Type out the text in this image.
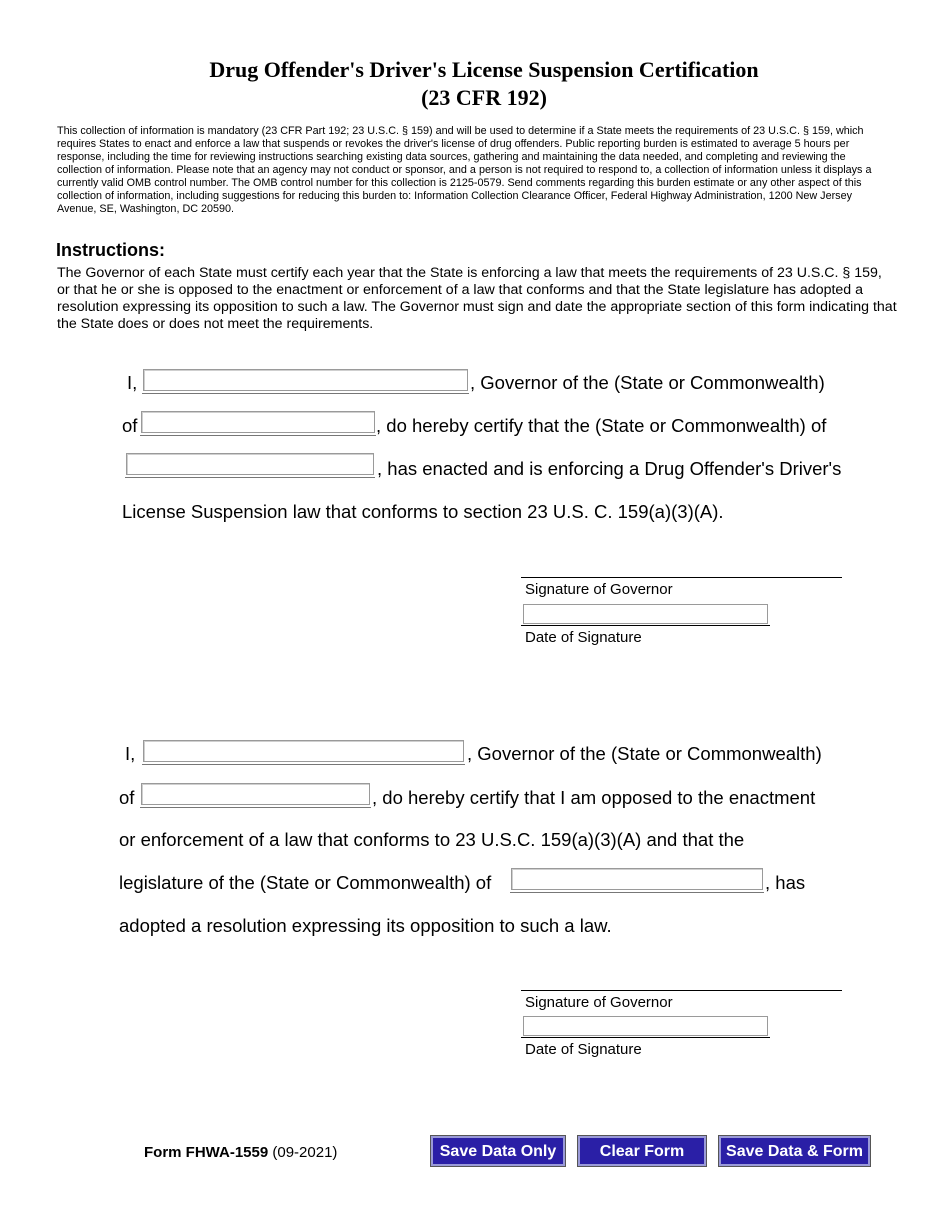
Drug Offender's Driver's License Suspension Certification
(23 CFR 192)
This collection of information is mandatory (23 CFR Part 192; 23 U.S.C. § 159) and will be used to determine if a State meets the requirements of 23 U.S.C. § 159, which requires States to enact and enforce a law that suspends or revokes the driver's license of drug offenders. Public reporting burden is estimated to average 5 hours per response, including the time for reviewing instructions searching existing data sources, gathering and maintaining the data needed, and completing and reviewing the collection of information. Please note that an agency may not conduct or sponsor, and a person is not required to respond to, a collection of information unless it displays a currently valid OMB control number. The OMB control number for this collection is 2125-0579. Send comments regarding this burden estimate or any other aspect of this collection of information, including suggestions for reducing this burden to: Information Collection Clearance Officer, Federal Highway Administration, 1200 New Jersey Avenue, SE, Washington, DC 20590.
Instructions:
The Governor of each State must certify each year that the State is enforcing a law that meets the requirements of 23 U.S.C. § 159, or that he or she is opposed to the enactment or enforcement of a law that conforms and that the State legislature has adopted a resolution expressing its opposition to such a law. The Governor must sign and date the appropriate section of this form indicating that the State does or does not meet the requirements.
I,	, Governor of the (State or Commonwealth)
of	, do hereby certify that the (State or Commonwealth) of
, has enacted and is enforcing a Drug Offender's Driver's
License Suspension law that conforms to section 23 U.S. C. 159(a)(3)(A).
Signature of Governor
Date of Signature
I,	, Governor of the (State or Commonwealth)
of	, do hereby certify that I am opposed to the enactment
or enforcement of a law that conforms to 23 U.S.C. 159(a)(3)(A) and that the
legislature of the (State or Commonwealth) of	, has
adopted a resolution expressing its opposition to such a law.
Signature of Governor
Date of Signature
Form FHWA-1559 (09-2021)	Save Data Only	Clear Form	Save Data & Form
